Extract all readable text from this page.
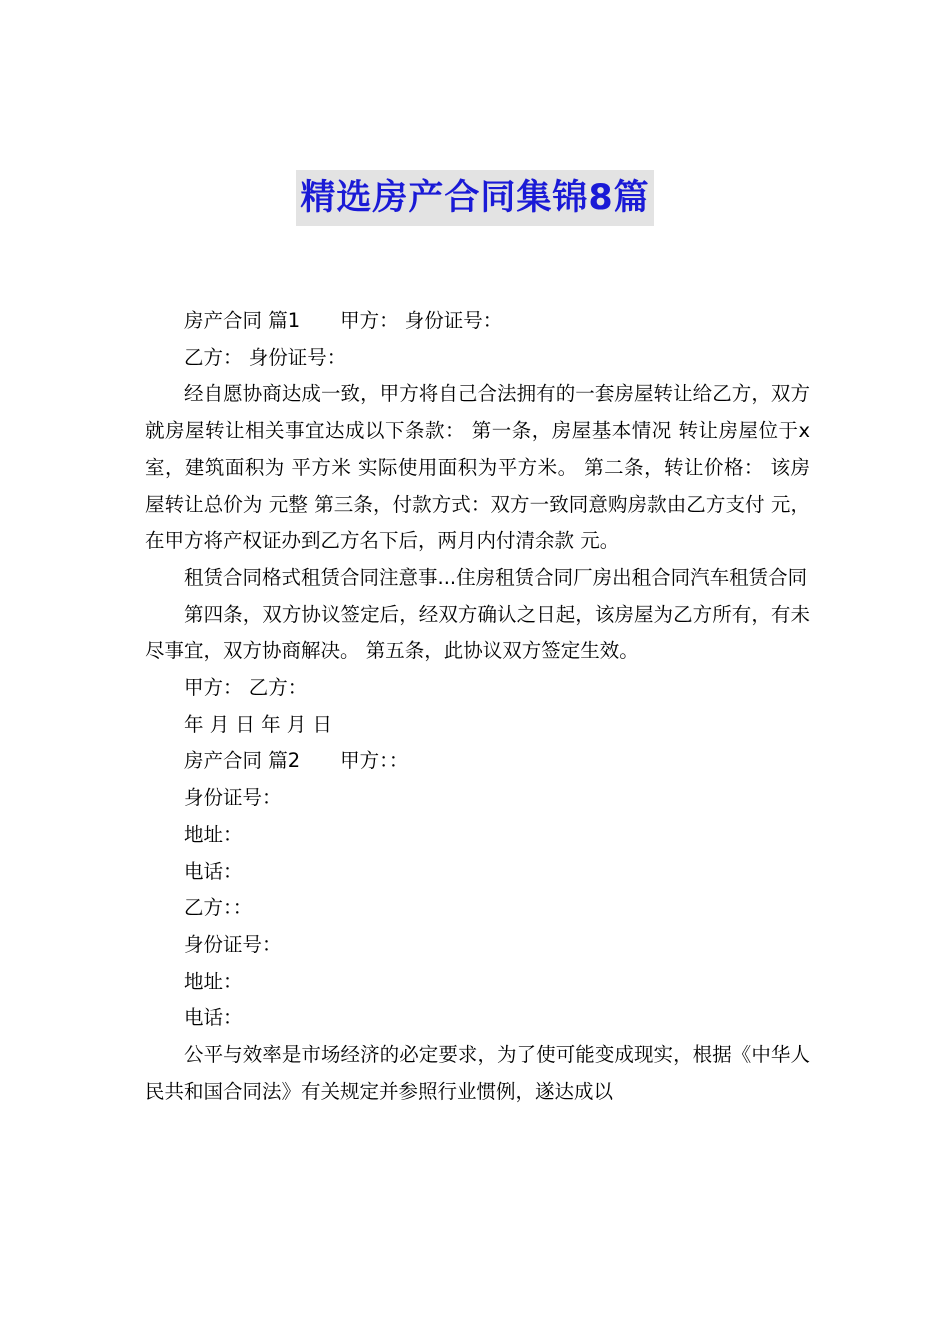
精选房产合同集锦8篇

房产合同 篇1 甲方： 身份证号：

乙方： 身份证号：

经自愿协商达成一致，甲方将自己合法拥有的一套房屋转让给乙方，双方就房屋转让相关事宜达成以下条款： 第一条，房屋基本情况 转让房屋位于x室，建筑面积为 平方米 实际使用面积为平方米。 第二条，转让价格： 该房屋转让总价为 元整 第三条，付款方式：双方一致同意购房款由乙方支付 元，在甲方将产权证办到乙方名下后，两月内付清余款 元。

租赁合同格式租赁合同注意事...住房租赁合同厂房出租合同汽车租赁合同

第四条，双方协议签定后，经双方确认之日起，该房屋为乙方所有，有未尽事宜，双方协商解决。 第五条，此协议双方签定生效。

甲方： 乙方：

年 月 日 年 月 日

房产合同 篇2 甲方：：

身份证号：

地址：

电话：

乙方：：

身份证号：

地址：

电话：

公平与效率是市场经济的必定要求，为了使可能变成现实，根据《中华人民共和国合同法》有关规定并参照行业惯例，遂达成以
